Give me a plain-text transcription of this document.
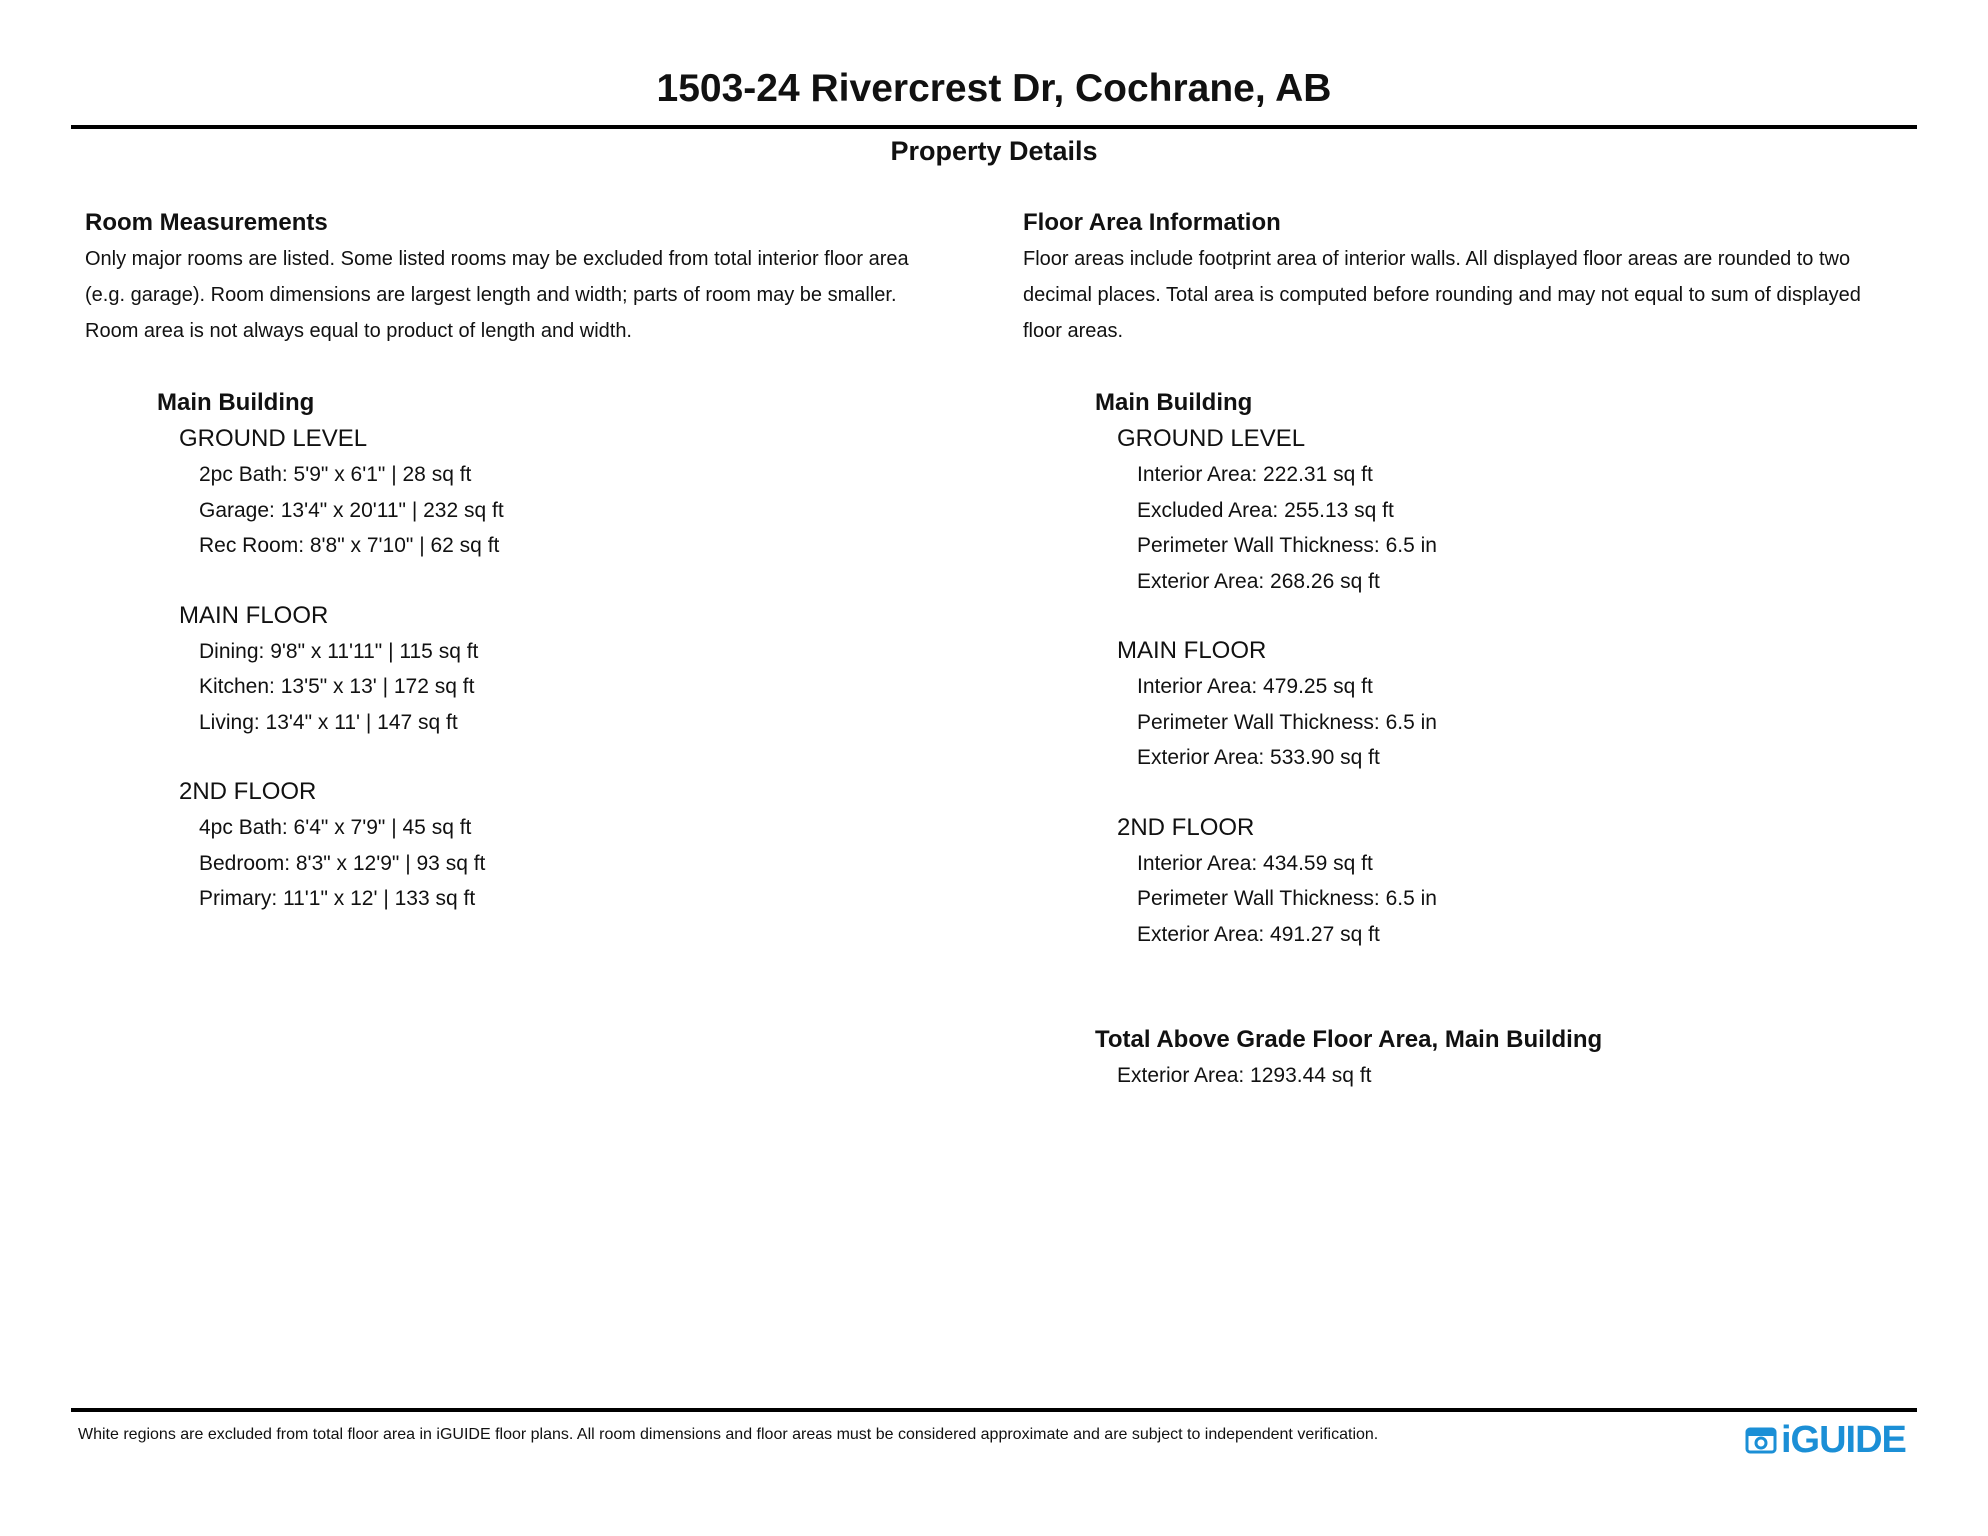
1503-24 Rivercrest Dr, Cochrane, AB
Property Details
Room Measurements
Only major rooms are listed. Some listed rooms may be excluded from total interior floor area
(e.g. garage). Room dimensions are largest length and width; parts of room may be smaller.
Room area is not always equal to product of length and width.
Main Building
GROUND LEVEL
2pc Bath: 5'9" x 6'1" | 28 sq ft
Garage: 13'4" x 20'11" | 232 sq ft
Rec Room: 8'8" x 7'10" | 62 sq ft
MAIN FLOOR
Dining: 9'8" x 11'11" | 115 sq ft
Kitchen: 13'5" x 13' | 172 sq ft
Living: 13'4" x 11' | 147 sq ft
2ND FLOOR
4pc Bath: 6'4" x 7'9" | 45 sq ft
Bedroom: 8'3" x 12'9" | 93 sq ft
Primary: 11'1" x 12' | 133 sq ft
Floor Area Information
Floor areas include footprint area of interior walls. All displayed floor areas are rounded to two
decimal places. Total area is computed before rounding and may not equal to sum of displayed
floor areas.
Main Building
GROUND LEVEL
Interior Area: 222.31 sq ft
Excluded Area: 255.13 sq ft
Perimeter Wall Thickness: 6.5 in
Exterior Area: 268.26 sq ft
MAIN FLOOR
Interior Area: 479.25 sq ft
Perimeter Wall Thickness: 6.5 in
Exterior Area: 533.90 sq ft
2ND FLOOR
Interior Area: 434.59 sq ft
Perimeter Wall Thickness: 6.5 in
Exterior Area: 491.27 sq ft
Total Above Grade Floor Area, Main Building
Exterior Area: 1293.44 sq ft
White regions are excluded from total floor area in iGUIDE floor plans. All room dimensions and floor areas must be considered approximate and are subject to independent verification.	iGUIDE
